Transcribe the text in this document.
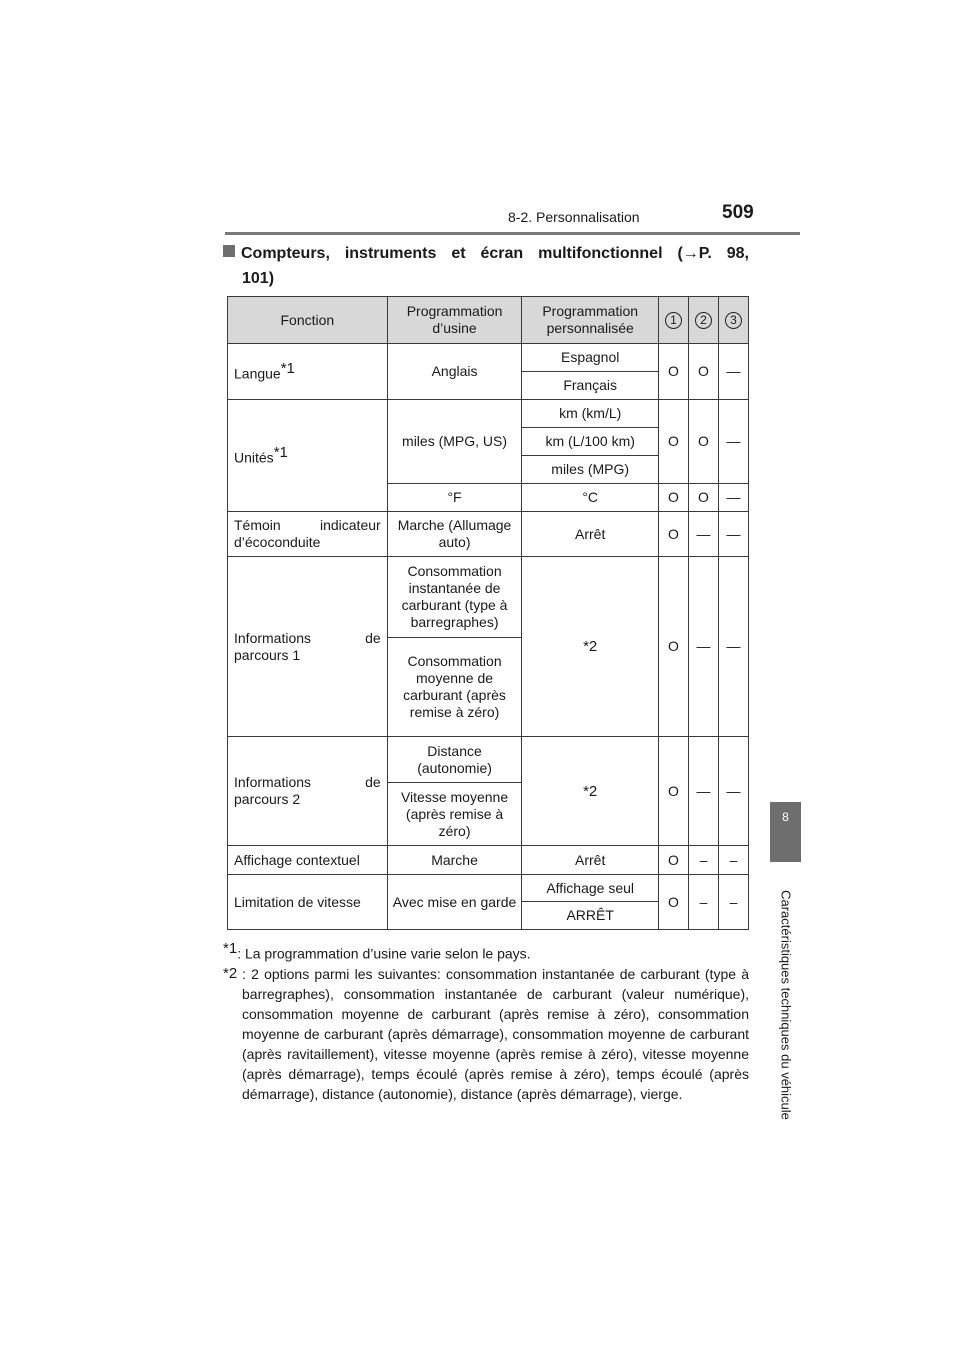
8-2. Personnalisation	509
8
Caractéristiques techniques du véhicule
Compteurs, instruments et écran multifonctionnel (→P. 98,
101)
Fonction	Programmation d’usine	Programmation personnalisée	1	2	3
Langue$^{*1}$	Anglais	Espagnol	O	O	—
		Français			
Unités$^{*1}$	miles (MPG, US)	km (km/L)	O	O	—
		km (L/100 km)			
		miles (MPG)			
	°F	°C	O	O	—
Témoin indicateur
d’écoconduite	Marche (Allumage auto)	Arrêt	O	—	—
Informations de
parcours 1	Consommation instantanée de carburant (type à barregraphes)	*2	O	—	—
	Consommation moyenne de carburant (après remise à zéro)				
Informations de
parcours 2	Distance (autonomie)	*2	O	—	—
	Vitesse moyenne (après remise à zéro)				
Affichage contextuel	Marche	Arrêt	O	–	–
Limitation de vitesse	Avec mise en garde	Affichage seul	O	–	–
		ARRÊT			
$^{*1}$: La programmation d’usine varie selon le pays.
*2 : 2 options parmi les suivantes: consommation instantanée de carburant (type à barregraphes), consommation instantanée de carburant (valeur numérique), consommation moyenne de carburant (après remise à zéro), consommation moyenne de carburant (après démarrage), consommation moyenne de carburant (après ravitaillement), vitesse moyenne (après remise à zéro), vitesse moyenne (après démarrage), temps écoulé (après remise à zéro), temps écoulé (après démarrage), distance (autonomie), distance (après démarrage), vierge.
